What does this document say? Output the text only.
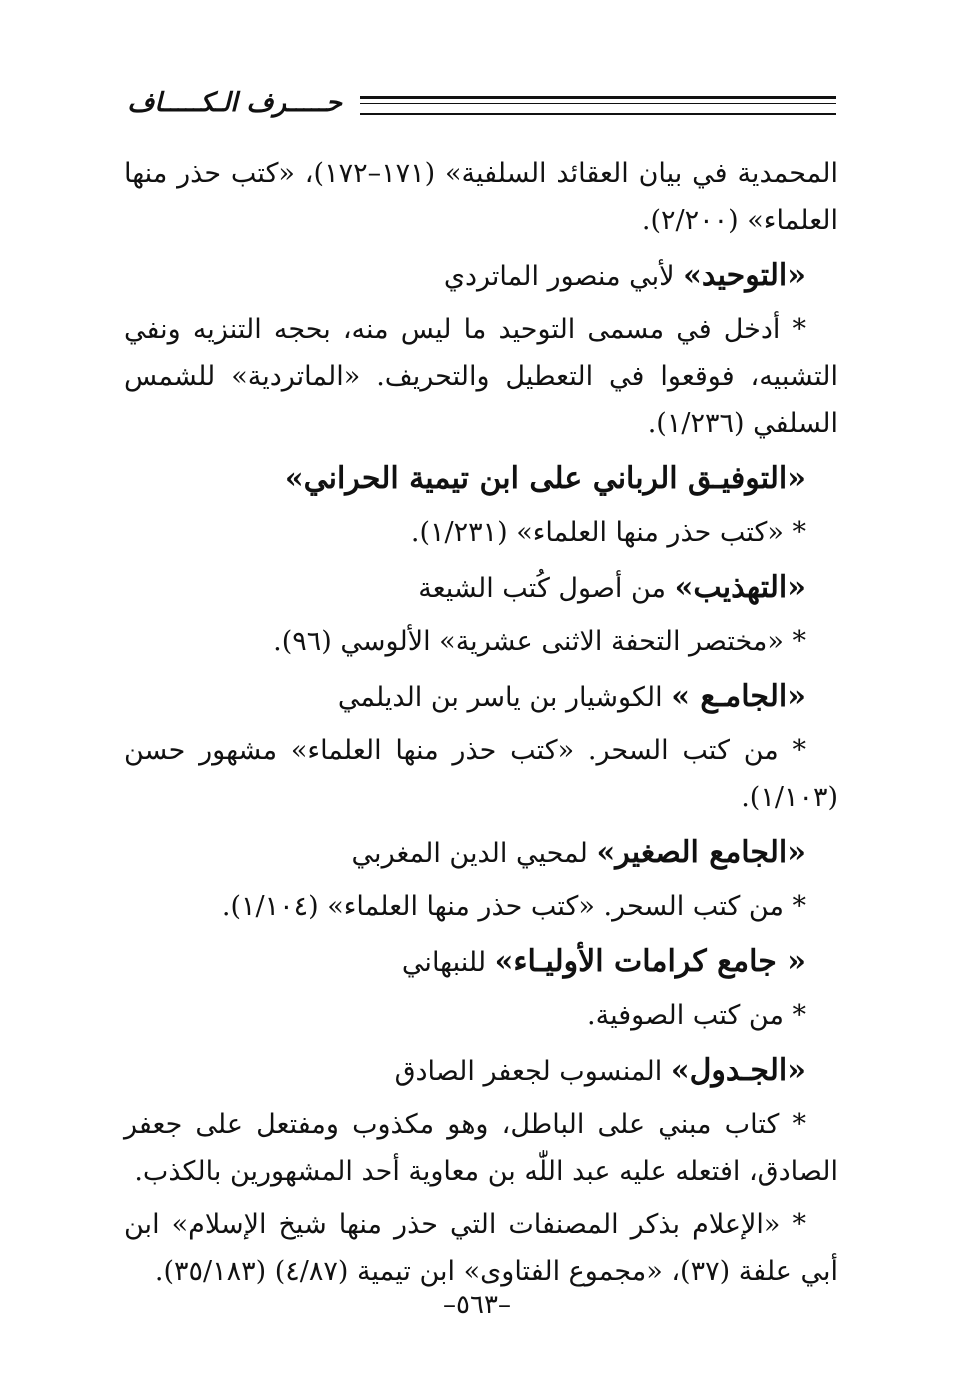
حـــــرف الـكـــــاف

المحمدية في بيان العقائد السلفية» (١٧١–١٧٢)، «كتب حذر منها العلماء» (٢/٢٠٠).

«التوحيد» لأبي منصور الماتردي

* أدخل في مسمى التوحيد ما ليس منه، بحجه التنزيه ونفي التشبيه، فوقعوا في التعطيل والتحريف. «الماتردية» للشمس السلفي (١/٢٣٦).

«التوفيـق الرباني على ابن تيمية الحراني»

* «كتب حذر منها العلماء» (١/٢٣١).

«التهذيب» من أصول كُتب الشيعة

* «مختصر التحفة الاثنى عشرية» الألوسي (٩٦).

«الجامـع » الكوشيار بن ياسر بن الديلمي

* من كتب السحر. «كتب حذر منها العلماء» مشهور حسن (١/١٠٣).

«الجامع الصغير» لمحيي الدين المغربي

* من كتب السحر. «كتب حذر منها العلماء» (١/١٠٤).

« جامع كرامات الأوليـاء» للنبهاني

* من كتب الصوفية.

«الجـدول» المنسوب لجعفر الصادق

* كتاب مبني على الباطل، وهو مكذوب ومفتعل على جعفر الصادق، افتعله عليه عبد اللّٰه بن معاوية أحد المشهورين بالكذب.

* «الإعلام بذكر المصنفات التي حذر منها شيخ الإسلام» ابن أبي علفة (٣٧)، «مجموع الفتاوى» ابن تيمية (٤/٨٧) (٣٥/١٨٣).

–٥٦٣–
